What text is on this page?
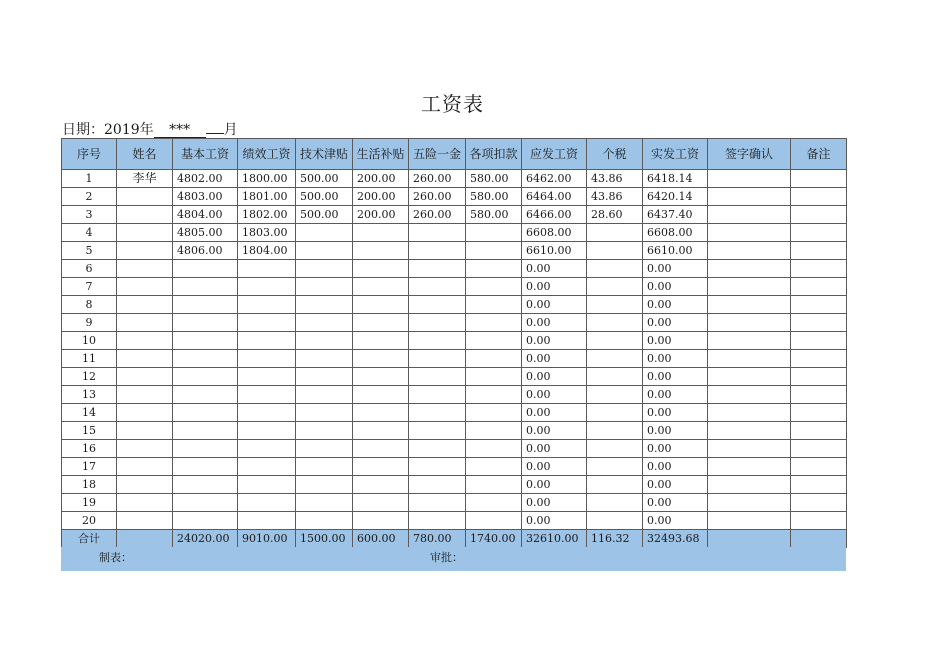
工资表
日期：2019年 *** 月
序号	姓名	基本工资	绩效工资	技术津贴	生活补贴	五险一金	各项扣款	应发工资	个税	实发工资	签字确认	备注
1	李华	4802.00	1800.00	500.00	200.00	260.00	580.00	6462.00	43.86	6418.14		
2		4803.00	1801.00	500.00	200.00	260.00	580.00	6464.00	43.86	6420.14		
3		4804.00	1802.00	500.00	200.00	260.00	580.00	6466.00	28.60	6437.40		
4		4805.00	1803.00					6608.00		6608.00		
5		4806.00	1804.00					6610.00		6610.00		
6								0.00		0.00		
7								0.00		0.00		
8								0.00		0.00		
9								0.00		0.00		
10								0.00		0.00		
11								0.00		0.00		
12								0.00		0.00		
13								0.00		0.00		
14								0.00		0.00		
15								0.00		0.00		
16								0.00		0.00		
17								0.00		0.00		
18								0.00		0.00		
19								0.00		0.00		
20								0.00		0.00		
合计		24020.00	9010.00	1500.00	600.00	780.00	1740.00	32610.00	116.32	32493.68		
制表：	审批：
